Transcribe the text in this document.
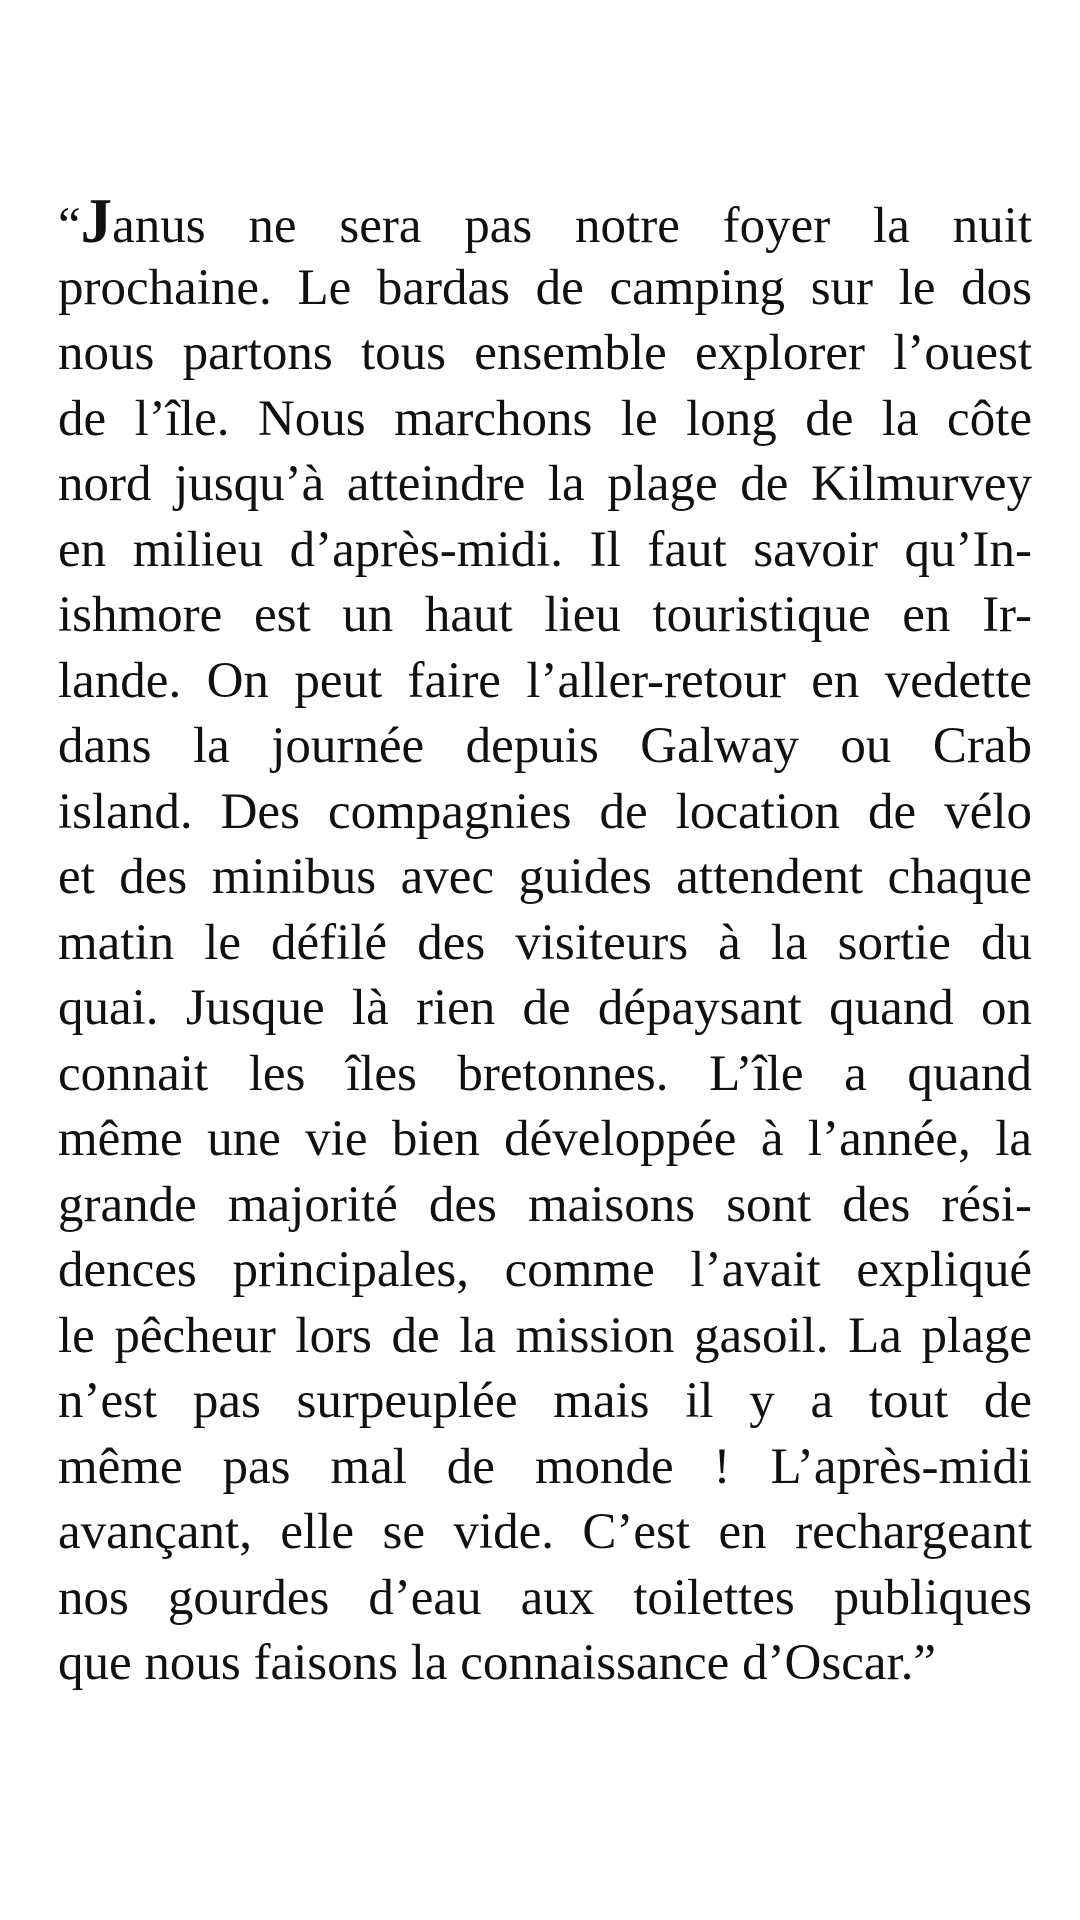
“Janus ne sera pas notre foyer la nuit
prochaine. Le bardas de camping sur le dos
nous partons tous ensemble explorer l’ouest
de l’île. Nous marchons le long de la côte
nord jusqu’à atteindre la plage de Kilmurvey
en milieu d’après-midi. Il faut savoir qu’In-
ishmore est un haut lieu touristique en Ir-
lande. On peut faire l’aller-retour en vedette
dans la journée depuis Galway ou Crab
island. Des compagnies de location de vélo
et des minibus avec guides attendent chaque
matin le défilé des visiteurs à la sortie du
quai. Jusque là rien de dépaysant quand on
connait les îles bretonnes. L’île a quand
même une vie bien développée à l’année, la
grande majorité des maisons sont des rési-
dences principales, comme l’avait expliqué
le pêcheur lors de la mission gasoil. La plage
n’est pas surpeuplée mais il y a tout de
même pas mal de monde ! L’après-midi
avançant, elle se vide. C’est en rechargeant
nos gourdes d’eau aux toilettes publiques
que nous faisons la connaissance d’Oscar.”
